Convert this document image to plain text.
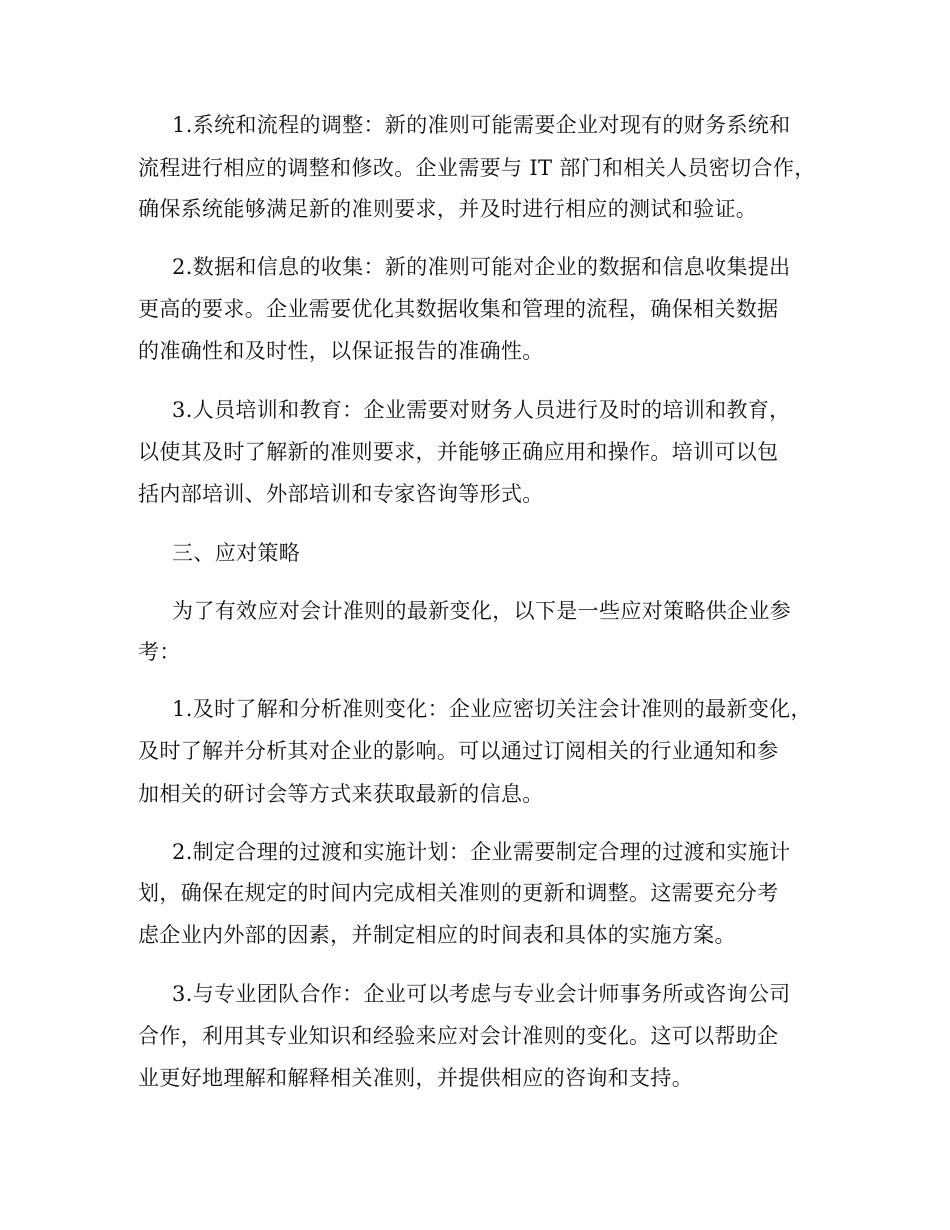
1.系统和流程的调整：新的准则可能需要企业对现有的财务系统和
流程进行相应的调整和修改。企业需要与 IT 部门和相关人员密切合作，
确保系统能够满足新的准则要求，并及时进行相应的测试和验证。
2.数据和信息的收集：新的准则可能对企业的数据和信息收集提出
更高的要求。企业需要优化其数据收集和管理的流程，确保相关数据
的准确性和及时性，以保证报告的准确性。
3.人员培训和教育：企业需要对财务人员进行及时的培训和教育，
以使其及时了解新的准则要求，并能够正确应用和操作。培训可以包
括内部培训、外部培训和专家咨询等形式。
三、应对策略
为了有效应对会计准则的最新变化，以下是一些应对策略供企业参
考：
1.及时了解和分析准则变化：企业应密切关注会计准则的最新变化，
及时了解并分析其对企业的影响。可以通过订阅相关的行业通知和参
加相关的研讨会等方式来获取最新的信息。
2.制定合理的过渡和实施计划：企业需要制定合理的过渡和实施计
划，确保在规定的时间内完成相关准则的更新和调整。这需要充分考
虑企业内外部的因素，并制定相应的时间表和具体的实施方案。
3.与专业团队合作：企业可以考虑与专业会计师事务所或咨询公司
合作，利用其专业知识和经验来应对会计准则的变化。这可以帮助企
业更好地理解和解释相关准则，并提供相应的咨询和支持。
